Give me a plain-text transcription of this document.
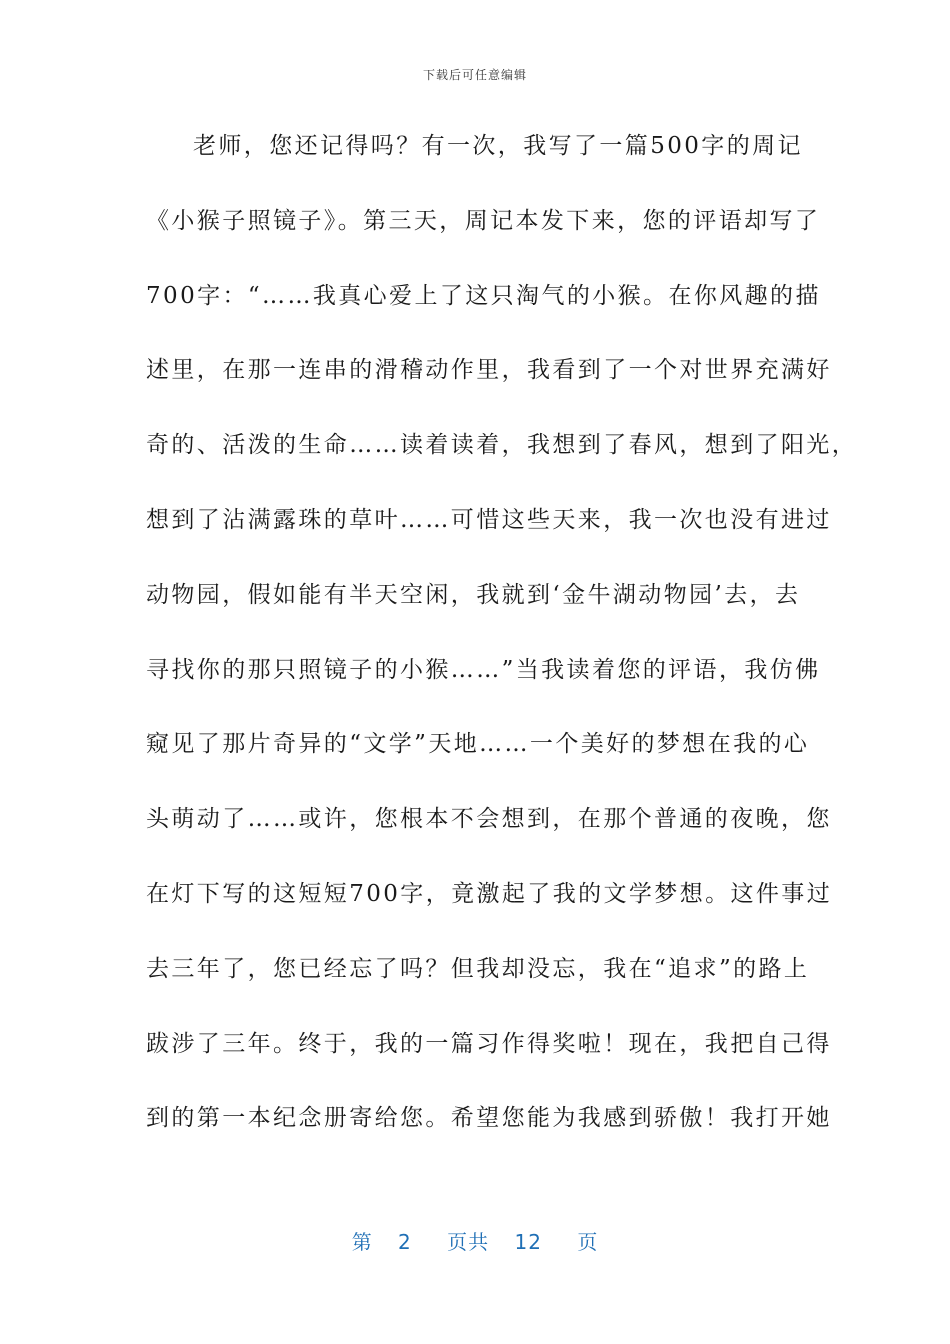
下载后可任意编辑
老师，您还记得吗？有一次，我写了一篇500字的周记
《小猴子照镜子》。第三天，周记本发下来，您的评语却写了
700字：“……我真心爱上了这只淘气的小猴。在你风趣的描
述里，在那一连串的滑稽动作里，我看到了一个对世界充满好
奇的、活泼的生命……读着读着，我想到了春风，想到了阳光，
想到了沾满露珠的草叶……可惜这些天来，我一次也没有进过
动物园，假如能有半天空闲，我就到‘金牛湖动物园’去，去
寻找你的那只照镜子的小猴……”当我读着您的评语，我仿佛
窥见了那片奇异的“文学”天地……一个美好的梦想在我的心
头萌动了……或许，您根本不会想到，在那个普通的夜晚，您
在灯下写的这短短700字，竟激起了我的文学梦想。这件事过
去三年了，您已经忘了吗？但我却没忘，我在“追求”的路上
跋涉了三年。终于，我的一篇习作得奖啦！现在，我把自己得
到的第一本纪念册寄给您。希望您能为我感到骄傲！我打开她
第 2 页共 12 页
